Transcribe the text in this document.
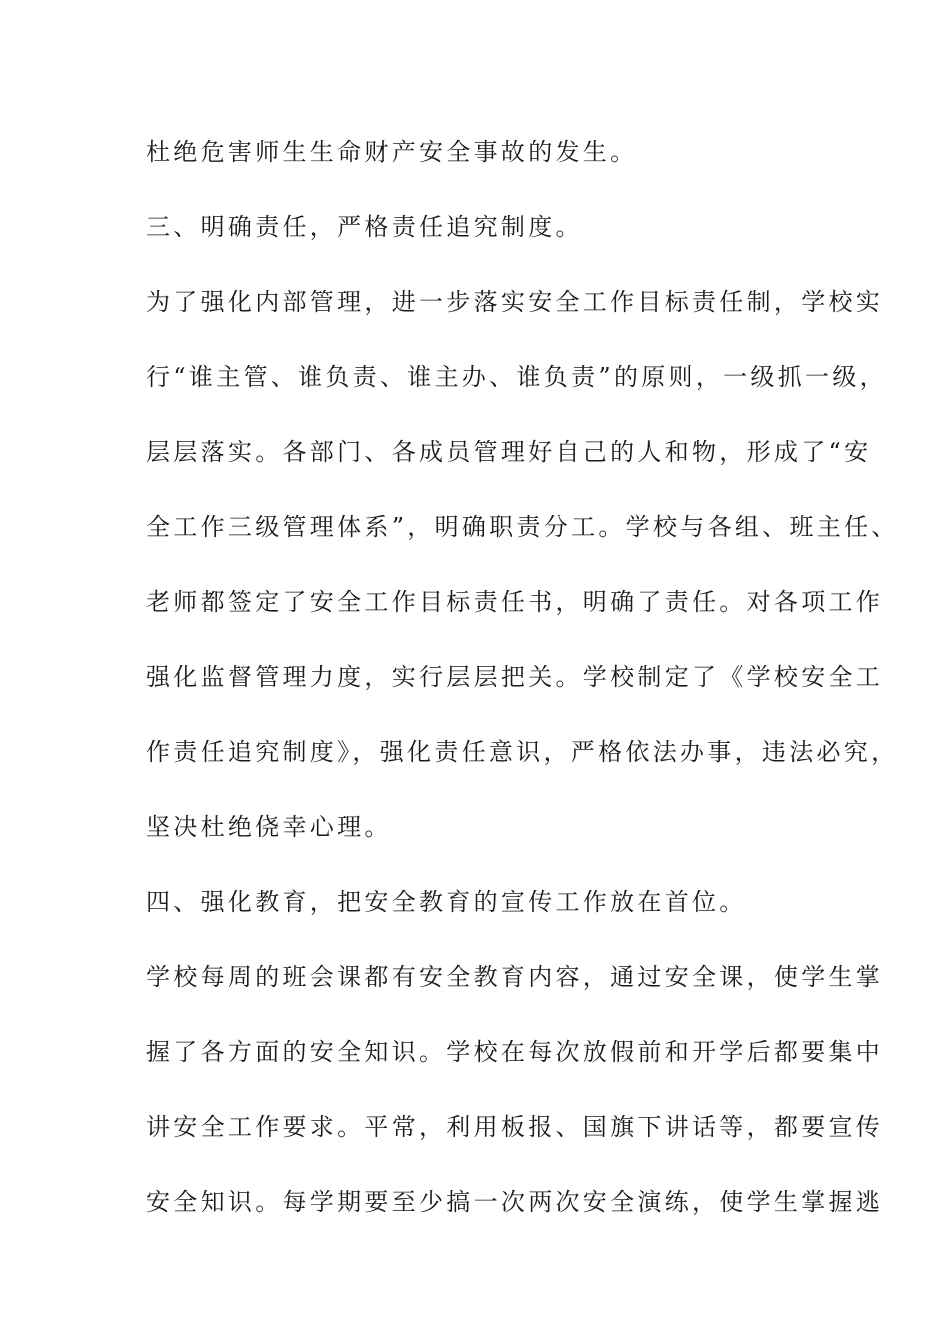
杜绝危害师生生命财产安全事故的发生。
三、明确责任，严格责任追究制度。
为了强化内部管理，进一步落实安全工作目标责任制，学校实
行“谁主管、谁负责、谁主办、谁负责”的原则，一级抓一级，
层层落实。各部门、各成员管理好自己的人和物，形成了“安
全工作三级管理体系”，明确职责分工。学校与各组、班主任、
老师都签定了安全工作目标责任书，明确了责任。对各项工作
强化监督管理力度，实行层层把关。学校制定了《学校安全工
作责任追究制度》，强化责任意识，严格依法办事，违法必究，
坚决杜绝侥幸心理。
四、强化教育，把安全教育的宣传工作放在首位。
学校每周的班会课都有安全教育内容，通过安全课，使学生掌
握了各方面的安全知识。学校在每次放假前和开学后都要集中
讲安全工作要求。平常，利用板报、国旗下讲话等，都要宣传
安全知识。每学期要至少搞一次两次安全演练，使学生掌握逃
